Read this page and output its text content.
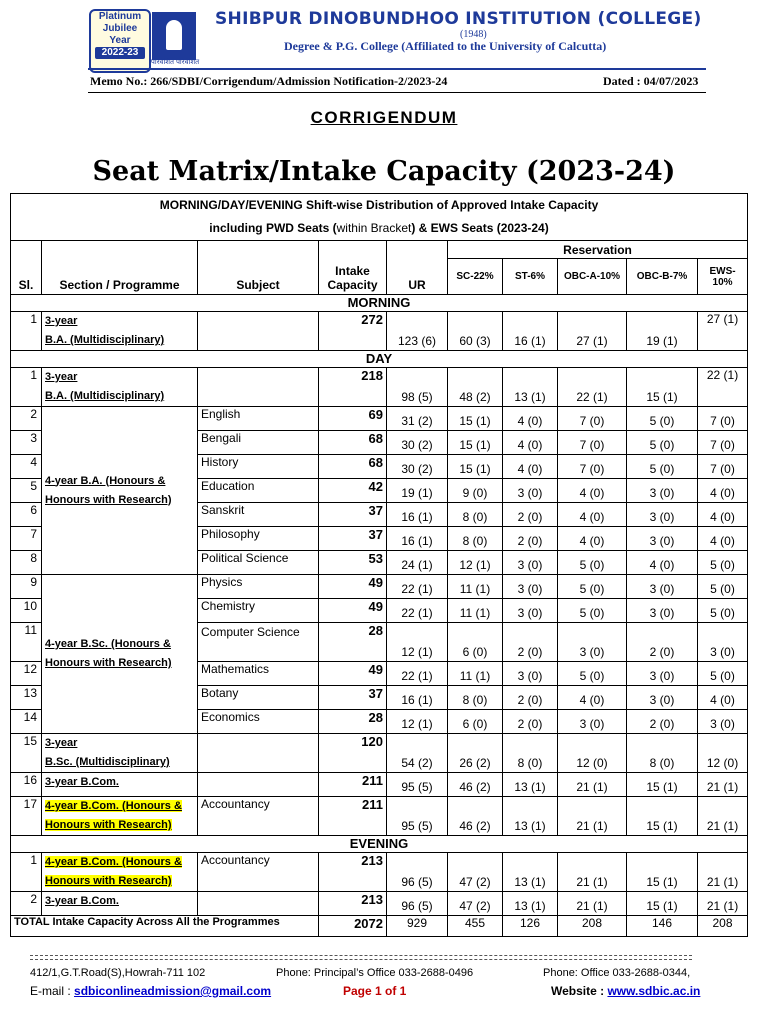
Platinum
Jubilee
Year
2022-23
परिवेशित परिवेशित
SHIBPUR DINOBUNDHOO INSTITUTION (COLLEGE)
(1948)
Degree & P.G. College (Affiliated to the University of Calcutta)
Memo No.: 266/SDBI/Corrigendum/Admission Notification-2/2023-24	Dated : 04/07/2023
CORRIGENDUM
Seat Matrix/Intake Capacity (2023-24)
MORNING/DAY/EVENING Shift-wise Distribution of Approved Intake Capacity
including PWD Seats (within Bracket) & EWS Seats (2023-24)									
Sl.	Section / Programme	Subject	Intake Capacity	UR	Reservation				
					SC-22%	ST-6%	OBC-A-10%	OBC-B-7%	EWS-10%
MORNING									
1	3-year
B.A. (Multidisciplinary)		272	123 (6)	60 (3)	16 (1)	27 (1)	19 (1)	27 (1)
DAY									
1	3-year
B.A. (Multidisciplinary)		218	98 (5)	48 (2)	13 (1)	22 (1)	15 (1)	22 (1)
2	4-year B.A. (Honours &
Honours with Research)	English	69	31 (2)	15 (1)	4 (0)	7 (0)	5 (0)	7 (0)
3		Bengali	68	30 (2)	15 (1)	4 (0)	7 (0)	5 (0)	7 (0)
4		History	68	30 (2)	15 (1)	4 (0)	7 (0)	5 (0)	7 (0)
5		Education	42	19 (1)	9 (0)	3 (0)	4 (0)	3 (0)	4 (0)
6		Sanskrit	37	16 (1)	8 (0)	2 (0)	4 (0)	3 (0)	4 (0)
7		Philosophy	37	16 (1)	8 (0)	2 (0)	4 (0)	3 (0)	4 (0)
8		Political Science	53	24 (1)	12 (1)	3 (0)	5 (0)	4 (0)	5 (0)
9	4-year B.Sc. (Honours &
Honours with Research)	Physics	49	22 (1)	11 (1)	3 (0)	5 (0)	3 (0)	5 (0)
10		Chemistry	49	22 (1)	11 (1)	3 (0)	5 (0)	3 (0)	5 (0)
11		Computer Science	28	12 (1)	6 (0)	2 (0)	3 (0)	2 (0)	3 (0)
12		Mathematics	49	22 (1)	11 (1)	3 (0)	5 (0)	3 (0)	5 (0)
13		Botany	37	16 (1)	8 (0)	2 (0)	4 (0)	3 (0)	4 (0)
14		Economics	28	12 (1)	6 (0)	2 (0)	3 (0)	2 (0)	3 (0)
15	3-year
B.Sc. (Multidisciplinary)		120	54 (2)	26 (2)	8 (0)	12 (0)	8 (0)	12 (0)
16	3-year B.Com.		211	95 (5)	46 (2)	13 (1)	21 (1)	15 (1)	21 (1)
17	4-year B.Com. (Honours &
Honours with Research)	Accountancy	211	95 (5)	46 (2)	13 (1)	21 (1)	15 (1)	21 (1)
EVENING									
1	4-year B.Com. (Honours &
Honours with Research)	Accountancy	213	96 (5)	47 (2)	13 (1)	21 (1)	15 (1)	21 (1)
2	3-year B.Com.		213	96 (5)	47 (2)	13 (1)	21 (1)	15 (1)	21 (1)
TOTAL Intake Capacity Across All the Programmes			2072	929	455	126	208	146	208
412/1,G.T.Road(S),Howrah-711 102	Phone: Principal’s Office 033-2688-0496	Phone: Office 033-2688-0344,
E-mail : sdbiconlineadmission@gmail.com	Page 1 of 1	Website : www.sdbic.ac.in
